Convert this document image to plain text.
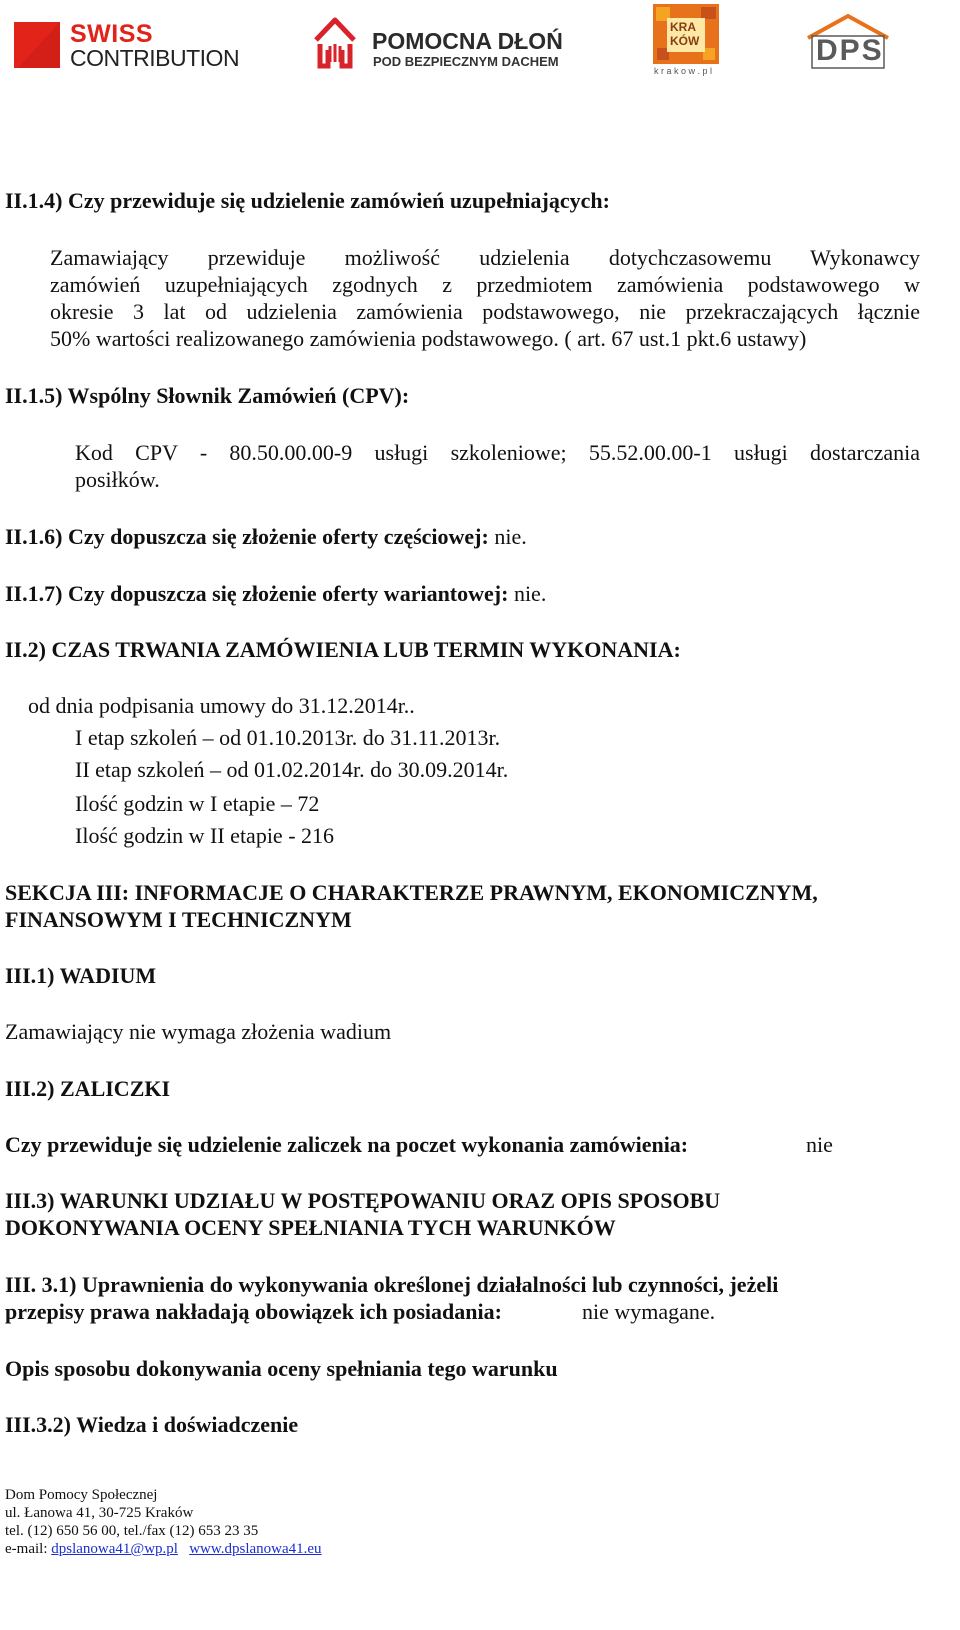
SWISS
CONTRIBUTION
POMOCNA DŁOŃ
POD BEZPIECZNYM DACHEM
KRA
KÓW
k r a k o w . p l
DPS
II.1.4) Czy przewiduje się udzielenie zamówień uzupełniających:
Zamawiający przewiduje możliwość udzielenia dotychczasowemu Wykonawcy
zamówień uzupełniających zgodnych z przedmiotem zamówienia podstawowego w
okresie 3 lat od udzielenia zamówienia podstawowego, nie przekraczających łącznie
50% wartości realizowanego zamówienia podstawowego. ( art. 67 ust.1 pkt.6 ustawy)
II.1.5) Wspólny Słownik Zamówień (CPV):
Kod CPV - 80.50.00.00-9 usługi szkoleniowe; 55.52.00.00-1 usługi dostarczania
posiłków.
II.1.6) Czy dopuszcza się złożenie oferty częściowej: nie.
II.1.7) Czy dopuszcza się złożenie oferty wariantowej: nie.
II.2) CZAS TRWANIA ZAMÓWIENIA LUB TERMIN WYKONANIA:
od dnia podpisania umowy do 31.12.2014r..
I etap szkoleń – od 01.10.2013r. do 31.11.2013r.
II etap szkoleń – od 01.02.2014r. do 30.09.2014r.
Ilość godzin w I etapie – 72
Ilość godzin w II etapie - 216
SEKCJA III: INFORMACJE O CHARAKTERZE PRAWNYM, EKONOMICZNYM,
FINANSOWYM I TECHNICZNYM
III.1) WADIUM
Zamawiający nie wymaga złożenia wadium
III.2) ZALICZKI
Czy przewiduje się udzielenie zaliczek na poczet wykonania zamówienia:	nie
III.3) WARUNKI UDZIAŁU W POSTĘPOWANIU ORAZ OPIS SPOSOBU
DOKONYWANIA OCENY SPEŁNIANIA TYCH WARUNKÓW
III. 3.1) Uprawnienia do wykonywania określonej działalności lub czynności, jeżeli
przepisy prawa nakładają obowiązek ich posiadania:	nie wymagane.
Opis sposobu dokonywania oceny spełniania tego warunku
III.3.2) Wiedza i doświadczenie
Dom Pomocy Społecznej
ul. Łanowa 41, 30-725 Kraków
tel. (12) 650 56 00, tel./fax (12) 653 23 35
e-mail: dpslanowa41@wp.pl www.dpslanowa41.eu
